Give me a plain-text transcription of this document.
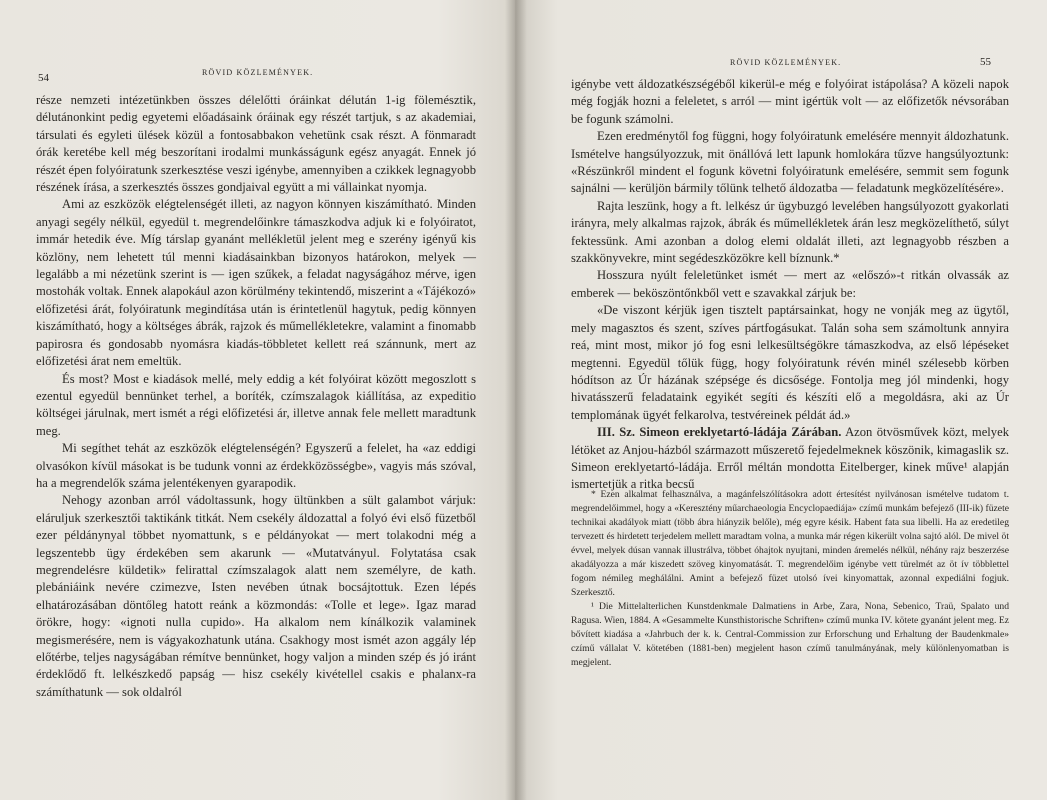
54	RÖVID KÖZLEMÉNYEK.

része nemzeti intézetünkben összes délelőtti óráinkat délután 1-ig fölemésztik, délutánonkint pedig egyetemi előadásaink óráinak egy részét tartjuk, s az akademiai, társulati és egyleti ülések közül a fontosabbakon vehetünk csak részt. A fönmaradt órák keretébe kell még beszorítani irodalmi munkásságunk egész anyagát. Ennek jó részét épen folyóiratunk szerkesztése veszi igénybe, amennyiben a czikkek legnagyobb részének írása, a szerkesztés összes gondjaival együtt a mi vállainkat nyomja.

Ami az eszközök elégtelenségét illeti, az nagyon könnyen kiszámítható. Minden anyagi segély nélkül, egyedül t. megrendelőinkre támaszkodva adjuk ki e folyóiratot, immár hetedik éve. Míg társlap gyanánt mellékletül jelent meg e szerény igényű kis közlöny, nem lehetett túl menni kiadásainkban bizonyos határokon, melyek — legalább a mi nézetünk szerint is — igen szűkek, a feladat nagyságához mérve, igen mostohák voltak. Ennek alapokául azon körülmény tekintendő, miszerint a «Tájékozó» előfizetési árát, folyóiratunk megindítása után is érintetlenül hagytuk, pedig könnyen kiszámítható, hogy a költséges ábrák, rajzok és műmellékletekre, valamint a finomabb papirosra és gondosabb nyomásra kiadás-többletet kellett reá szánnunk, mert az előfizetési árat nem emeltük.

És most? Most e kiadások mellé, mely eddig a két folyóirat között megoszlott s ezentul egyedül bennünket terhel, a boríték, czímszalagok kiállítása, az expeditio költségei járulnak, mert ismét a régi előfizetési ár, illetve annak fele mellett maradtunk meg.

Mi segíthet tehát az eszközök elégtelenségén? Egyszerű a felelet, ha «az eddigi olvasókon kívül másokat is be tudunk vonni az érdekközösségbe», vagyis más szóval, ha a megrendelők száma jelentékenyen gyarapodik.

Nehogy azonban arról vádoltassunk, hogy ültünkben a sült galambot várjuk: eláruljuk szerkesztői taktikánk titkát. Nem csekély áldozattal a folyó évi első füzetből ezer példánynyal többet nyomattunk, s e példányokat — mert tolakodni még a legszentebb ügy érdekében sem akarunk — «Mutatványul. Folytatása csak megrendelésre küldetik» felirattal czímszalagok alatt nem személyre, de kath. plebániáink nevére czimezve, Isten nevében útnak bocsájtottuk. Ezen lépés elhatározásában döntőleg hatott reánk a közmondás: «Tolle et lege». Igaz marad örökre, hogy: «ignoti nulla cupido». Ha alkalom nem kínálkozik valaminek megismerésére, nem is vágyakozhatunk utána. Csakhogy most ismét azon aggály lép előtérbe, teljes nagyságában rémítve bennünket, hogy valjon a minden szép és jó iránt érdeklődő ft. lelkészkedő papság — hisz csekély kivétellel csakis e phalanx-ra számíthatunk — sok oldalról

RÖVID KÖZLEMÉNYEK.	55

igénybe vett áldozatkészségéből kikerül-e még e folyóirat istápolása? A közeli napok még fogják hozni a feleletet, s arról — mint igértük volt — az előfizetők névsorában be fogunk számolni.

Ezen eredménytől fog függni, hogy folyóiratunk emelésére mennyit áldozhatunk. Ismételve hangsúlyozzuk, mit önállóvá lett lapunk homlokára tűzve hangsúlyoztunk: «Részünkről mindent el fogunk követni folyóiratunk emelésére, semmit sem fogunk sajnálni — kerüljön bármily tőlünk telhető áldozatba — feladatunk megközelítésére».

Rajta leszünk, hogy a ft. lelkész úr ügybuzgó levelében hangsúlyozott gyakorlati irányra, mely alkalmas rajzok, ábrák és műmellékletek árán lesz megközelíthető, súlyt fektessünk. Ami azonban a dolog elemi oldalát illeti, azt legnagyobb részben a szakkönyvekre, mint segédeszközökre kell bíznunk.*

Hosszura nyúlt feleletünket ismét — mert az «előszó»-t ritkán olvassák az emberek — beköszöntőnkből vett e szavakkal zárjuk be:

«De viszont kérjük igen tisztelt paptársainkat, hogy ne vonják meg az ügytől, mely magasztos és szent, szíves pártfogásukat. Talán soha sem számoltunk annyira reá, mint most, mikor jó fog esni lelkesültségökre támaszkodva, az első lépéseket megtenni. Egyedül tőlük függ, hogy folyóiratunk révén minél szélesebb körben hódítson az Úr házának szépsége és dicsősége. Fontolja meg jól mindenki, hogy hivatásszerű feladataink egyikét segíti és készíti elő a megoldásra, aki az Úr templomának ügyét felkarolva, testvéreinek példát ád.»

III. Sz. Simeon ereklyetartó-ládája Zárában. Azon ötvösművek közt, melyek létöket az Anjou-házból származott műszerető fejedelmeknek köszönik, kimagaslik sz. Simeon ereklyetartó-ládája. Erről méltán mondotta Eitelberger, kinek műve¹ alapján ismertetjük a ritka becsű

* Ezen alkalmat felhasználva, a magánfelszólításokra adott értesítést nyilvánosan ismételve tudatom t. megrendelőimmel, hogy a «Keresztény műarchaeologia Encyclopaediája» czímű munkám befejező (III-ik) füzete technikai akadályok miatt (több ábra hiányzik belőle), még egyre késik. Habent fata sua libelli. Ha az eredetileg tervezett és hirdetett terjedelem mellett maradtam volna, a munka már régen kikerült volna sajtó alól. De mivel öt évvel, melyek dúsan vannak illustrálva, többet óhajtok nyujtani, minden áremelés nélkül, néhány rajz beszerzése akadályozza a már kiszedett szöveg kinyomatását. T. megrendelőim igénybe vett türelmét az öt ív többlettel fogom némileg meghálálni. Amint a befejező füzet utolsó ívei kinyomattak, azonnal expediálni fogjuk. Szerkesztő.

¹ Die Mittelalterlichen Kunstdenkmale Dalmatiens in Arbe, Zara, Nona, Sebenico, Traü, Spalato und Ragusa. Wien, 1884. A «Gesammelte Kunsthistorische Schriften» czímű munka IV. kötete gyanánt jelent meg. Ez bővített kiadása a «Jahrbuch der k. k. Central-Commission zur Erforschung und Erhaltung der Baudenkmale» czímű vállalat V. kötetében (1881-ben) megjelent hason czímű tanulmányának, mely különlenyomatban is megjelent.
